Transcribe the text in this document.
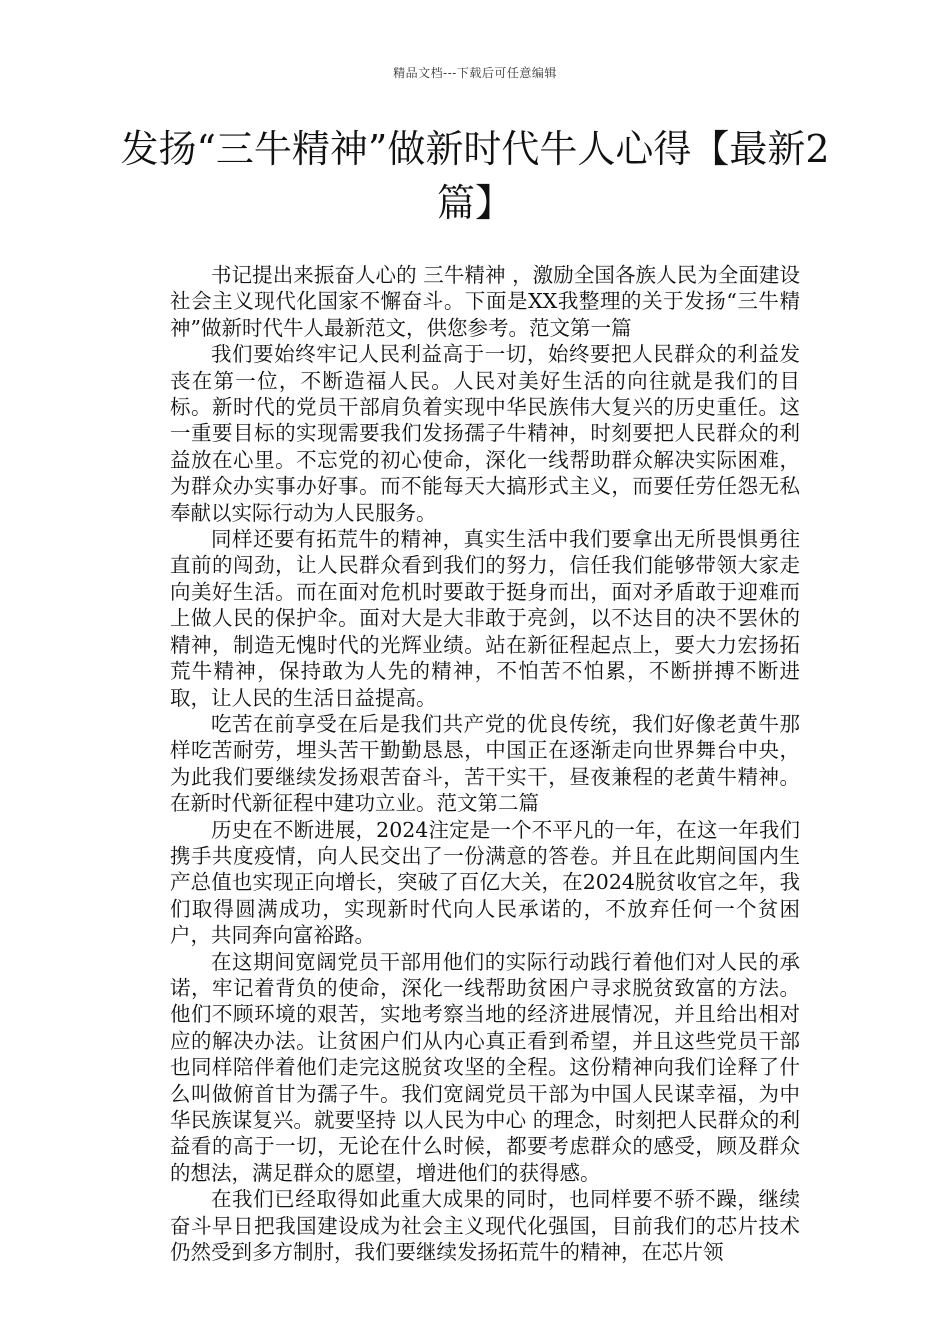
精品文档---下载后可任意编辑
发扬“三牛精神”做新时代牛人心得【最新2篇】

书记提出来振奋人心的 三牛精神 ，激励全国各族人民为全面建设社会主义现代化国家不懈奋斗。下面是XX我整理的关于发扬“三牛精神”做新时代牛人最新范文，供您参考。范文第一篇

我们要始终牢记人民利益高于一切，始终要把人民群众的利益发丧在第一位，不断造福人民。人民对美好生活的向往就是我们的目标。新时代的党员干部肩负着实现中华民族伟大复兴的历史重任。这一重要目标的实现需要我们发扬孺子牛精神，时刻要把人民群众的利益放在心里。不忘党的初心使命，深化一线帮助群众解决实际困难，为群众办实事办好事。而不能每天大搞形式主义，而要任劳任怨无私奉献以实际行动为人民服务。

同样还要有拓荒牛的精神，真实生活中我们要拿出无所畏惧勇往直前的闯劲，让人民群众看到我们的努力，信任我们能够带领大家走向美好生活。而在面对危机时要敢于挺身而出，面对矛盾敢于迎难而上做人民的保护伞。面对大是大非敢于亮剑，以不达目的决不罢休的精神，制造无愧时代的光辉业绩。站在新征程起点上，要大力宏扬拓荒牛精神，保持敢为人先的精神，不怕苦不怕累，不断拼搏不断进取，让人民的生活日益提高。

吃苦在前享受在后是我们共产党的优良传统，我们好像老黄牛那样吃苦耐劳，埋头苦干勤勤恳恳，中国正在逐渐走向世界舞台中央，为此我们要继续发扬艰苦奋斗，苦干实干，昼夜兼程的老黄牛精神。在新时代新征程中建功立业。范文第二篇

历史在不断进展，2024注定是一个不平凡的一年，在这一年我们携手共度疫情，向人民交出了一份满意的答卷。并且在此期间国内生产总值也实现正向增长，突破了百亿大关，在2024脱贫收官之年，我们取得圆满成功，实现新时代向人民承诺的，不放弃任何一个贫困户，共同奔向富裕路。

在这期间宽阔党员干部用他们的实际行动践行着他们对人民的承诺，牢记着背负的使命，深化一线帮助贫困户寻求脱贫致富的方法。他们不顾环境的艰苦，实地考察当地的经济进展情况，并且给出相对应的解决办法。让贫困户们从内心真正看到希望，并且这些党员干部也同样陪伴着他们走完这脱贫攻坚的全程。这份精神向我们诠释了什么叫做俯首甘为孺子牛。我们宽阔党员干部为中国人民谋幸福，为中华民族谋复兴。就要坚持 以人民为中心 的理念，时刻把人民群众的利益看的高于一切，无论在什么时候，都要考虑群众的感受，顾及群众的想法，满足群众的愿望，增进他们的获得感。

在我们已经取得如此重大成果的同时，也同样要不骄不躁，继续奋斗早日把我国建设成为社会主义现代化强国，目前我们的芯片技术仍然受到多方制肘，我们要继续发扬拓荒牛的精神，在芯片领
